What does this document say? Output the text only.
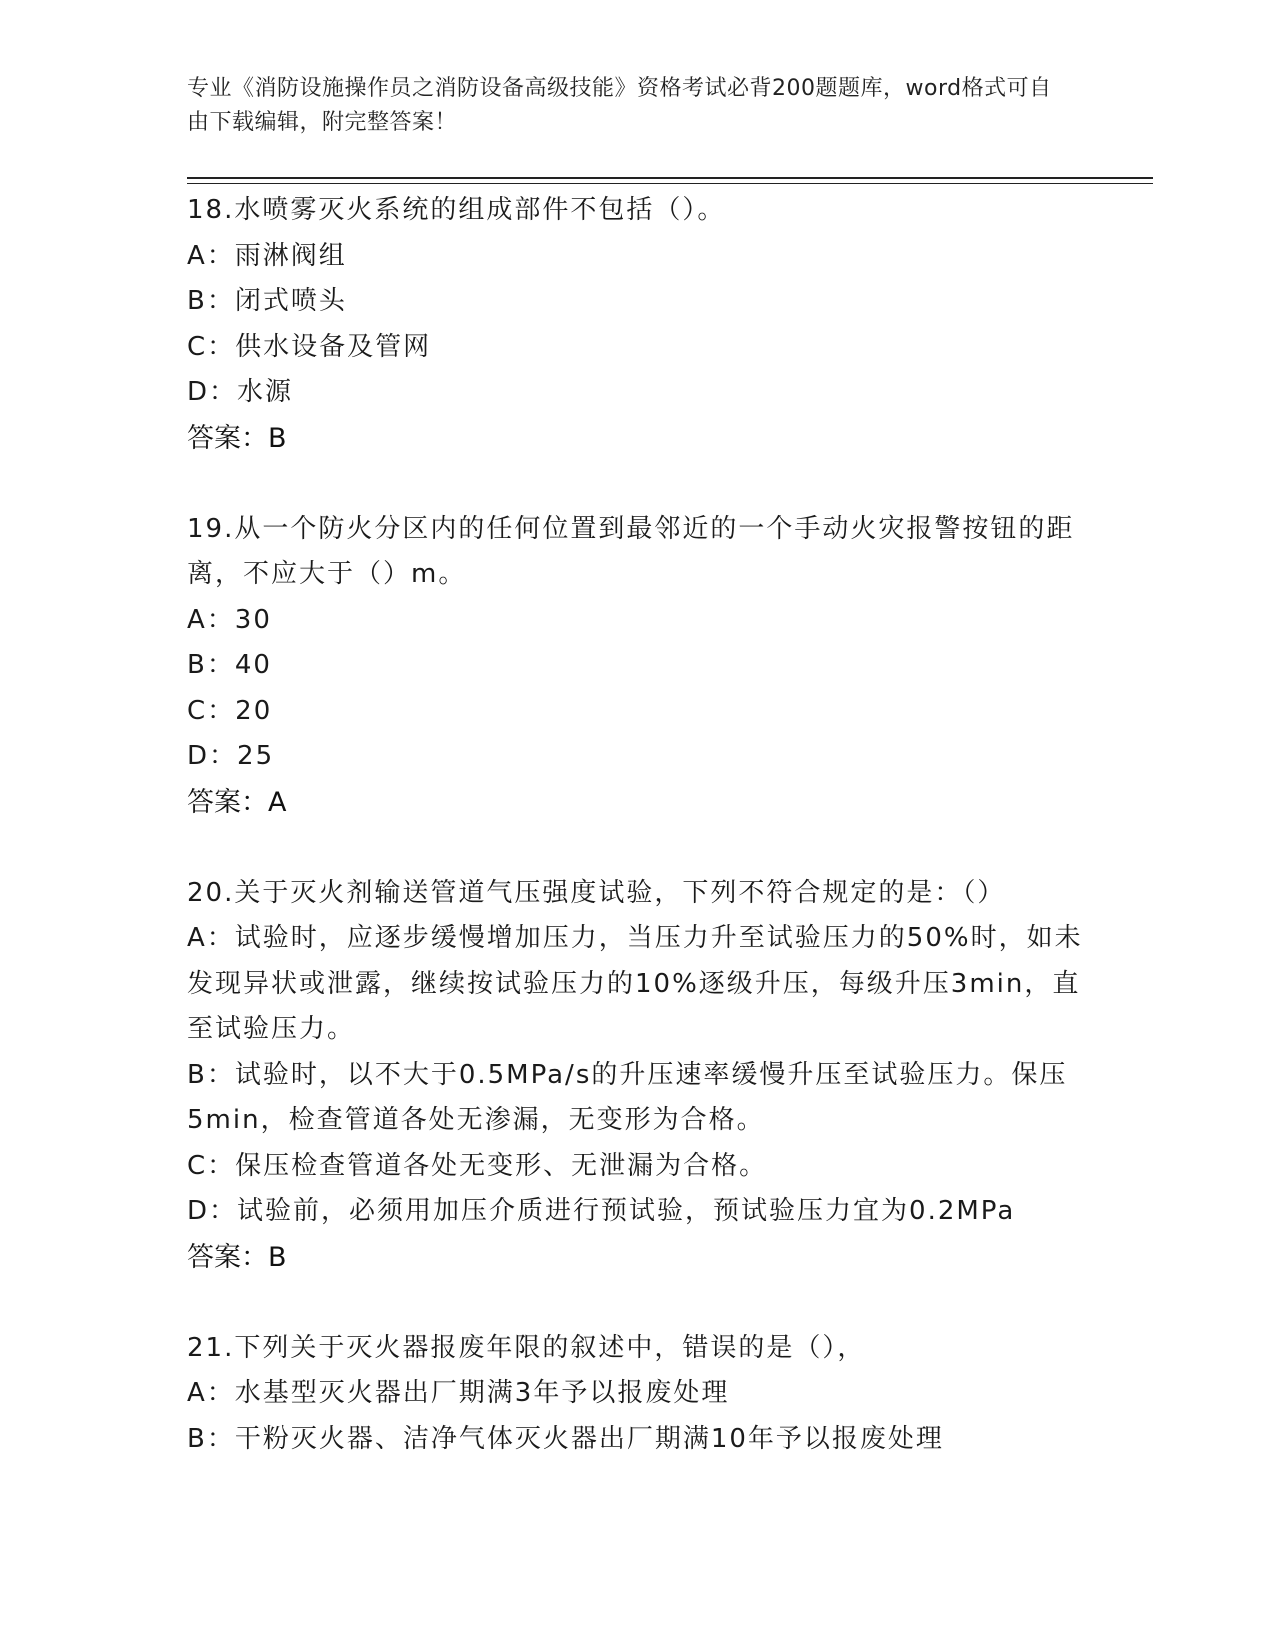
专业《消防设施操作员之消防设备高级技能》资格考试必背200题题库，word格式可自由下载编辑，附完整答案！

18.水喷雾灭火系统的组成部件不包括（）。

A：雨淋阀组

B：闭式喷头

C：供水设备及管网

D：水源

答案：B

19.从一个防火分区内的任何位置到最邻近的一个手动火灾报警按钮的距离，不应大于（）m。

A：30

B：40

C：20

D：25

答案：A

20.关于灭火剂输送管道气压强度试验，下列不符合规定的是：（）

A：试验时，应逐步缓慢增加压力，当压力升至试验压力的50%时，如未发现异状或泄露，继续按试验压力的10%逐级升压，每级升压3min，直至试验压力。

B：试验时，以不大于0.5MPa/s的升压速率缓慢升压至试验压力。保压5min，检查管道各处无渗漏，无变形为合格。

C：保压检查管道各处无变形、无泄漏为合格。

D：试验前，必须用加压介质进行预试验，预试验压力宜为0.2MPa

答案：B

21.下列关于灭火器报废年限的叙述中，错误的是（），

A：水基型灭火器出厂期满3年予以报废处理

B：干粉灭火器、洁净气体灭火器出厂期满10年予以报废处理
